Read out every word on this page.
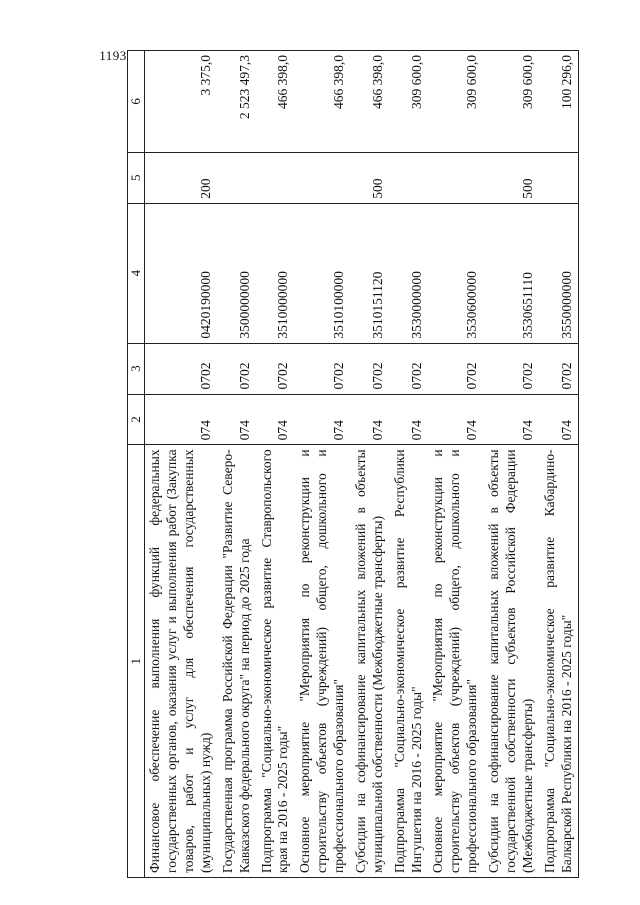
1193
1	2	3	4	5	6
Финансовое обеспечение выполнения функций федеральных государственных органов, оказания услуг и выполнения работ (Закупка товаров, работ и услуг для обеспечения государственных (муниципальных) нужд)	074	0702	0420190000	200	3 375,0
Государственная программа Российской Федерации "Развитие Северо-Кавказского федерального округа" на период до 2025 года	074	0702	3500000000		2 523 497,3
Подпрограмма "Социально-экономическое развитие Ставропольского края на 2016 - 2025 годы"	074	0702	3510000000		466 398,0
Основное мероприятие "Мероприятия по реконструкции и строительству объектов (учреждений) общего, дошкольного и профессионального образования"	074	0702	3510100000		466 398,0
Субсидии на софинансирование капитальных вложений в объекты муниципальной собственности (Межбюджетные трансферты)	074	0702	3510151120	500	466 398,0
Подпрограмма "Социально-экономическое развитие Республики Ингушетия на 2016 - 2025 годы"	074	0702	3530000000		309 600,0
Основное мероприятие "Мероприятия по реконструкции и строительству объектов (учреждений) общего, дошкольного и профессионального образования"	074	0702	3530600000		309 600,0
Субсидии на софинансирование капитальных вложений в объекты государственной собственности субъектов Российской Федерации (Межбюджетные трансферты)	074	0702	3530651110	500	309 600,0
Подпрограмма "Социально-экономическое развитие Кабардино-Балкарской Республики на 2016 - 2025 годы"	074	0702	3550000000		100 296,0
